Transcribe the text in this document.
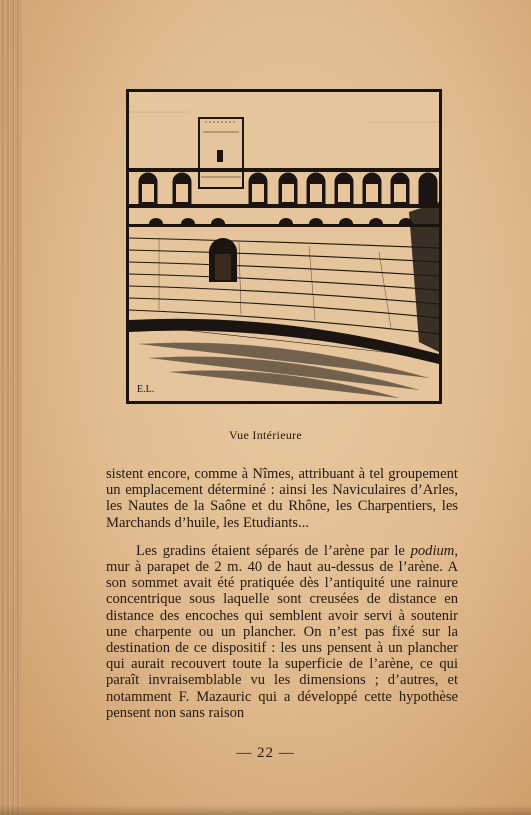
E.L.
Vue Intérieure

sistent encore, comme à Nîmes, attribuant à tel groupement un emplacement déterminé : ainsi les Naviculaires d’Arles, les Nautes de la Saône et du Rhône, les Charpentiers, les Marchands d’huile, les Etudiants...

Les gradins étaient séparés de l’arène par le podium, mur à parapet de 2 m. 40 de haut au-dessus de l’arène. A son sommet avait été pratiquée dès l’antiquité une rainure concentrique sous laquelle sont creusées de distance en distance des encoches qui semblent avoir servi à soutenir une charpente ou un plancher. On n’est pas fixé sur la destination de ce dispositif : les uns pensent à un plancher qui aurait recouvert toute la superficie de l’arène, ce qui paraît invraisemblable vu les dimensions ; d’autres, et notamment F. Mazauric qui a développé cette hypothèse pensent non sans raison

— 22 —
